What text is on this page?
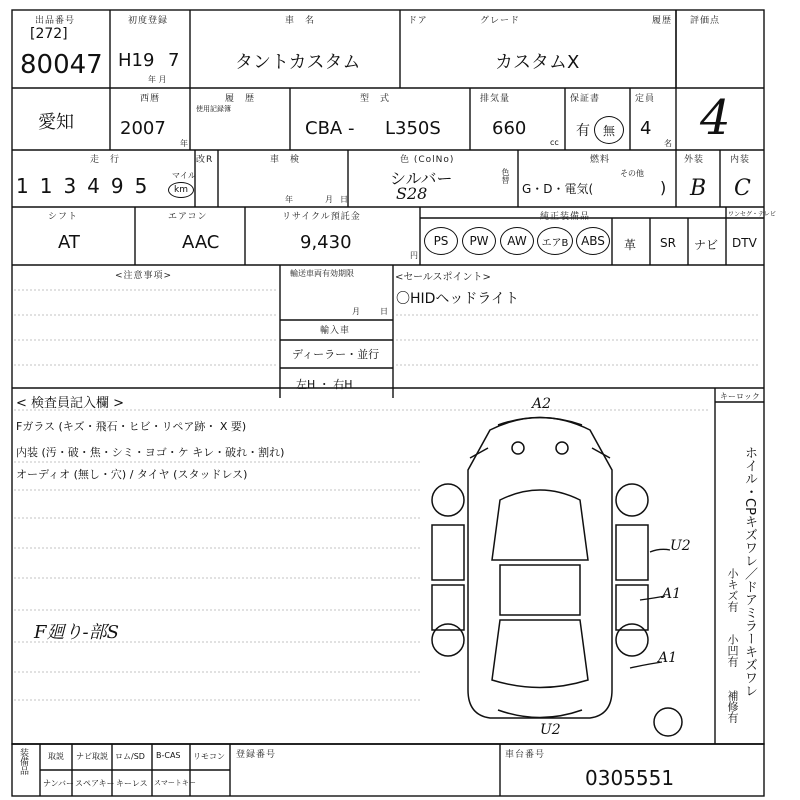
出品番号
[272]
80047
初度登録
H19 7
年 月
車　名
タントカスタム
ドア	グレード
カスタムX
履歴 評価点
4
愛知
西暦
2007
年
履　歴
使用記録簿
型　式
CBA - L350S
排気量
660
cc
保証書
有 無
定員
4
名
走　行
113495 マイル
km
改R	車　検
年	月 日
色 (ColNo)
シルバー
S28
色替
燃料
G・D・電気(
その他
)
外装
B
内装
C
シフト
AT
エアコン
AAC
リサイクル預託金
9,430
円
純正装備品
PS	PW	AW	エアB	ABS	革 SR ナビ DTV
ワンセグ・テレビ
<注意事項>	輸送車両有効期限
月	日
輸入車
ディーラー・並行
左H ・ 右H
<セールスポイント>
〇HIDヘッドライト
< 検査員記入欄 >
Fガラス (キズ・飛石・ヒビ・リペア跡・ X 要)
内装 (汚・破・焦・シミ・ヨゴ・ケ キレ・破れ・割れ)
オーディオ (無し・穴) / タイヤ (スタッドレス)
F廻り-部S
A2
U2
U2
A1
A1
キーロック
ホイル・CPキズワレ／ドアミラーキズワレ
小キズ有
小凹有
補修有
装備品	取説 ナビ取説 ロム/SD B-CAS リモコン
ナンバー スペアキー キーレス スマートキー
登録番号	車台番号
0305551
